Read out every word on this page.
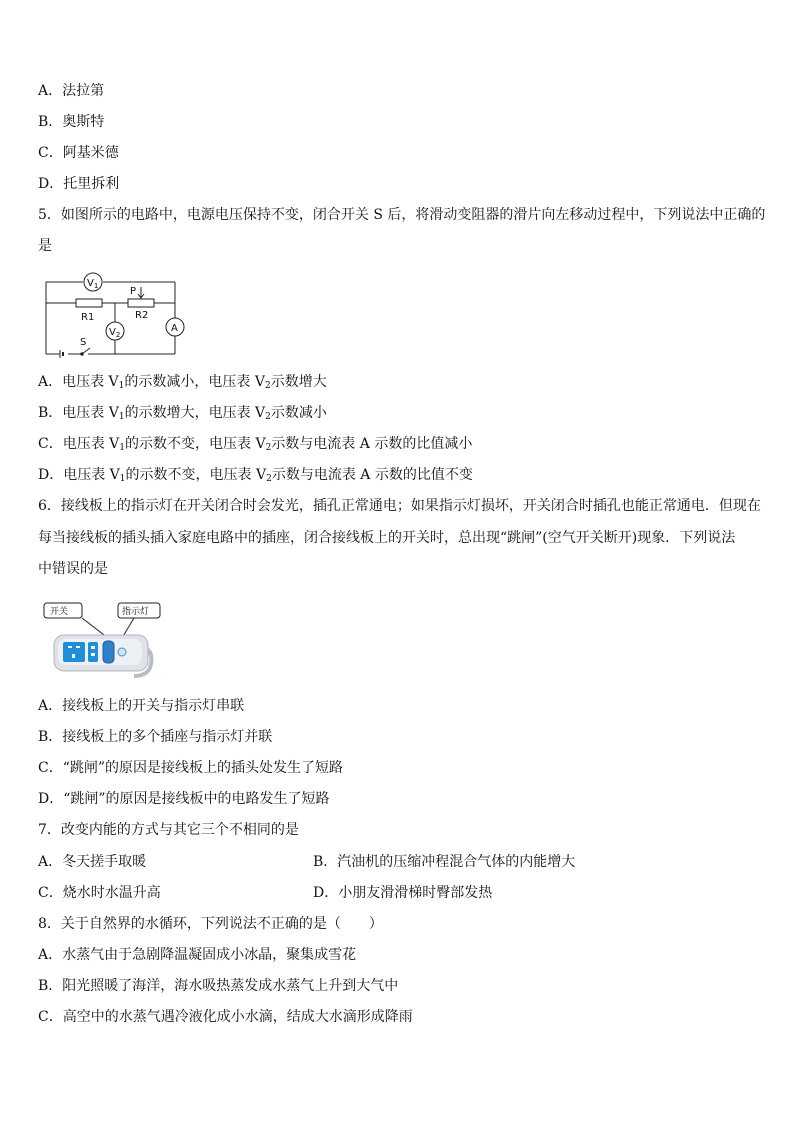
A．法拉第
B．奥斯特
C．阿基米德
D．托里拆利
5．如图所示的电路中，电源电压保持不变，闭合开关 S 后，将滑动变阻器的滑片向左移动过程中，下列说法中正确的
是
$V_1$
$V_2$
A
R1	R2
P
S
A．电压表 $V_1$的示数减小，电压表 $V_2$示数增大
B．电压表 $V_1$的示数增大，电压表 $V_2$示数减小
C．电压表 $V_1$的示数不变，电压表 $V_2$示数与电流表 A 示数的比值减小
D．电压表 $V_1$的示数不变，电压表 $V_2$示数与电流表 A 示数的比值不变
6．接线板上的指示灯在开关闭合时会发光，插孔正常通电；如果指示灯损坏，开关闭合时插孔也能正常通电．但现在
每当接线板的插头插入家庭电路中的插座，闭合接线板上的开关时，总出现“跳闸”(空气开关断开)现象．下列说法
中错误的是
开关	指示灯
A．接线板上的开关与指示灯串联
B．接线板上的多个插座与指示灯并联
C．“跳闸”的原因是接线板上的插头处发生了短路
D．“跳闸”的原因是接线板中的电路发生了短路
7．改变内能的方式与其它三个不相同的是
A．冬天搓手取暖	B．汽油机的压缩冲程混合气体的内能增大
C．烧水时水温升高	D．小朋友滑滑梯时臀部发热
8．关于自然界的水循环，下列说法不正确的是（　　）
A．水蒸气由于急剧降温凝固成小冰晶，聚集成雪花
B．阳光照暖了海洋，海水吸热蒸发成水蒸气上升到大气中
C．高空中的水蒸气遇冷液化成小水滴，结成大水滴形成降雨
